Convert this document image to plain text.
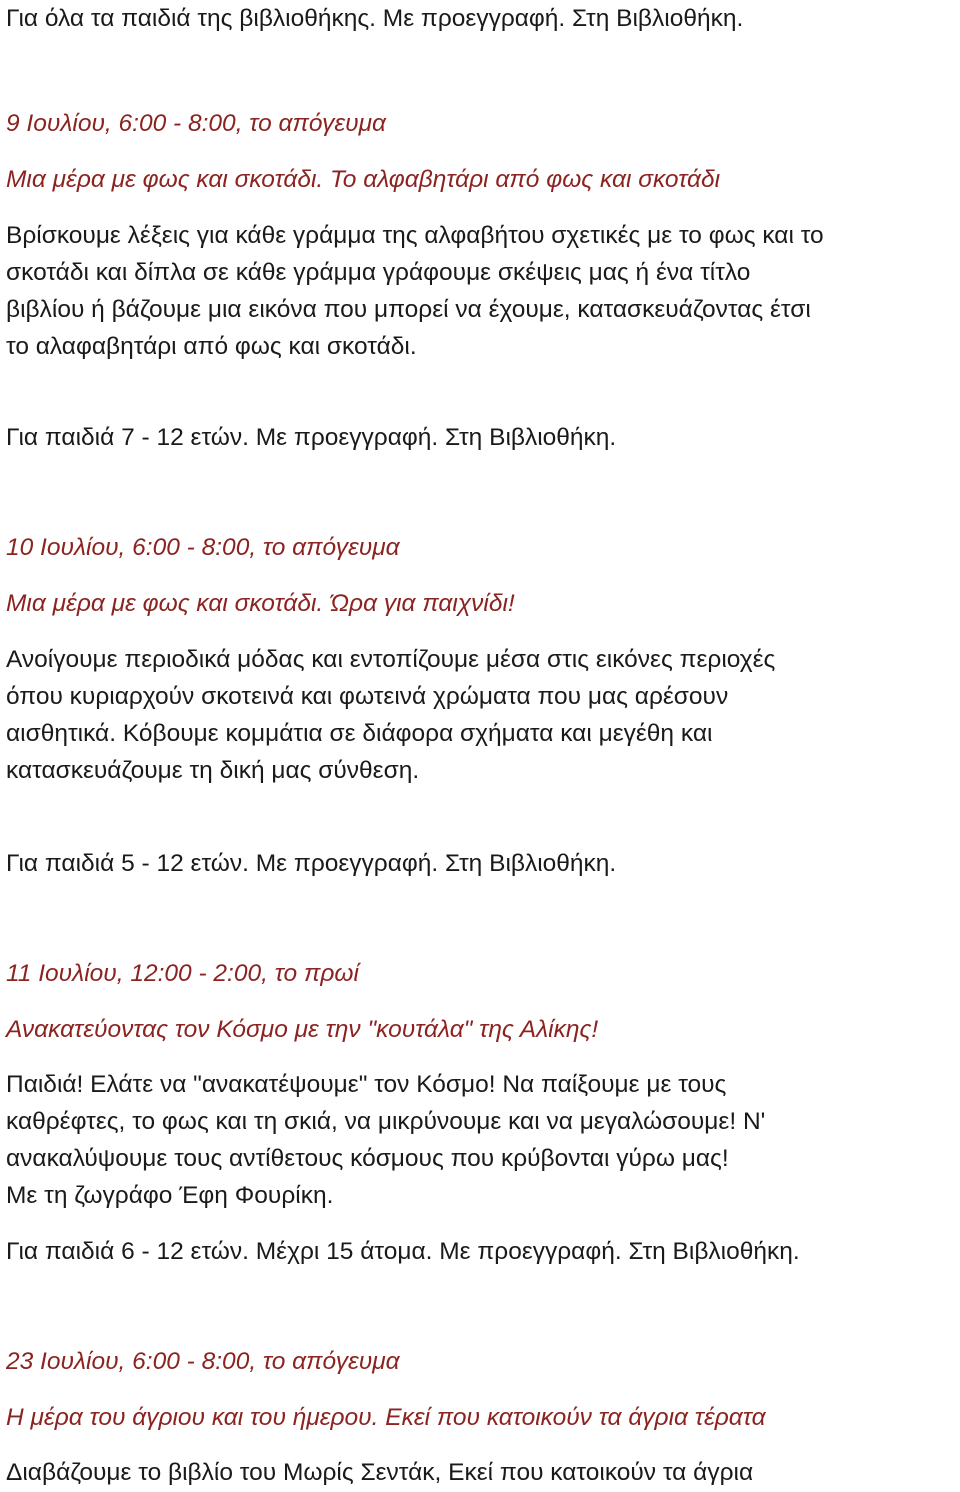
Για όλα τα παιδιά της βιβλιοθήκης. Με προεγγραφή. Στη Βιβλιοθήκη.

9 Ιουλίου, 6:00 - 8:00, το απόγευμα

Μια μέρα με φως και σκοτάδι. Το αλφαβητάρι από φως και σκοτάδι

Βρίσκουμε λέξεις για κάθε γράμμα της αλφαβήτου σχετικές με το φως και το

σκοτάδι και δίπλα σε κάθε γράμμα γράφουμε σκέψεις μας ή ένα τίτλο

βιβλίου ή βάζουμε μια εικόνα που μπορεί να έχουμε, κατασκευάζοντας έτσι

το αλαφαβητάρι από φως και σκοτάδι.

Για παιδιά 7 - 12 ετών. Με προεγγραφή. Στη Βιβλιοθήκη.

10 Ιουλίου, 6:00 - 8:00, το απόγευμα

Μια μέρα με φως και σκοτάδι. Ώρα για παιχνίδι!

Ανοίγουμε περιοδικά μόδας και εντοπίζουμε μέσα στις εικόνες περιοχές

όπου κυριαρχούν σκοτεινά και φωτεινά χρώματα που μας αρέσουν

αισθητικά. Κόβουμε κομμάτια σε διάφορα σχήματα και μεγέθη και

κατασκευάζουμε τη δική μας σύνθεση.

Για παιδιά 5 - 12 ετών. Με προεγγραφή. Στη Βιβλιοθήκη.

11 Ιουλίου, 12:00 - 2:00, το πρωί

Ανακατεύοντας τον Κόσμο με την "κουτάλα" της Αλίκης!

Παιδιά! Ελάτε να "ανακατέψουμε" τον Κόσμο! Να παίξουμε με τους

καθρέφτες, το φως και τη σκιά, να μικρύνουμε και να μεγαλώσουμε! Ν'

ανακαλύψουμε τους αντίθετους κόσμους που κρύβονται γύρω μας!

Με τη ζωγράφο Έφη Φουρίκη.

Για παιδιά 6 - 12 ετών. Μέχρι 15 άτομα. Με προεγγραφή. Στη Βιβλιοθήκη.

23 Ιουλίου, 6:00 - 8:00, το απόγευμα

Η μέρα του άγριου και του ήμερου. Εκεί που κατοικούν τα άγρια τέρατα

Διαβάζουμε το βιβλίο του Μωρίς Σεντάκ, Εκεί που κατοικούν τα άγρια
